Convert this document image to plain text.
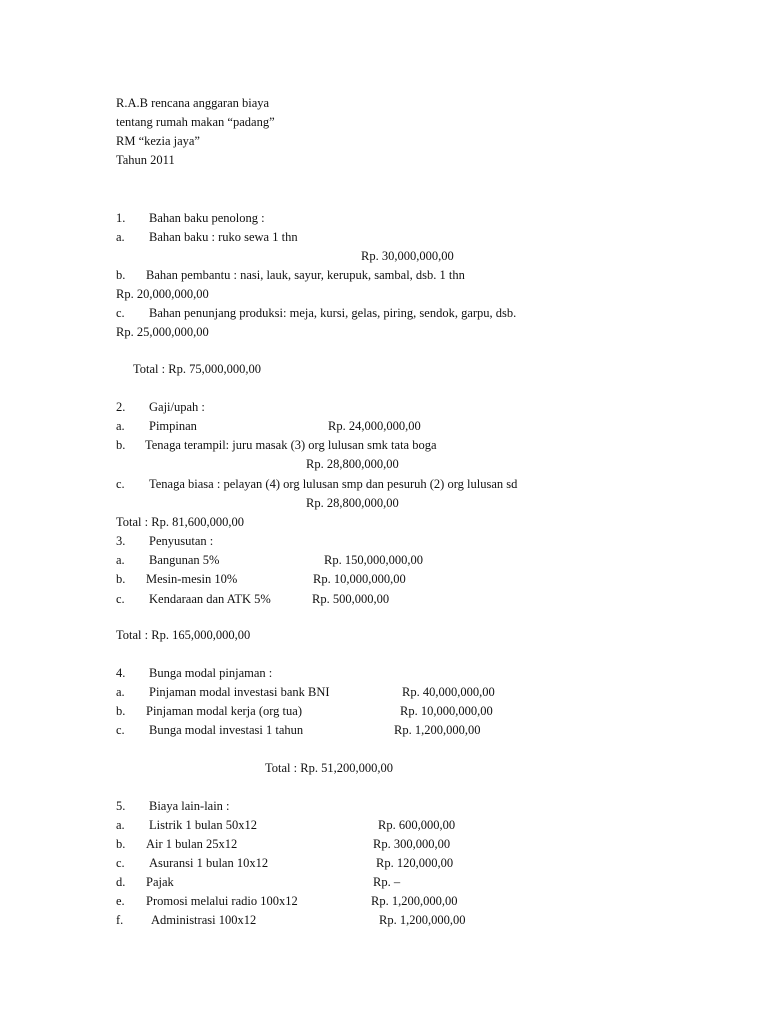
R.A.B rencana anggaran biaya
tentang rumah makan “padang”
RM “kezia jaya”
Tahun 2011
1. Bahan baku penolong :
a. Bahan baku : ruko sewa 1 thn
Rp. 30,000,000,00
b. Bahan pembantu : nasi, lauk, sayur, kerupuk, sambal, dsb. 1 thn
Rp. 20,000,000,00
c. Bahan penunjang produksi: meja, kursi, gelas, piring, sendok, garpu, dsb.
Rp. 25,000,000,00
Total : Rp. 75,000,000,00
2. Gaji/upah :
a. Pimpinan	Rp. 24,000,000,00
b. Tenaga terampil: juru masak (3) org lulusan smk tata boga
Rp. 28,800,000,00
c. Tenaga biasa : pelayan (4) org lulusan smp dan pesuruh (2) org lulusan sd
Rp. 28,800,000,00
Total : Rp. 81,600,000,00
3. Penyusutan :
a. Bangunan 5%	Rp. 150,000,000,00
b. Mesin-mesin 10%	Rp. 10,000,000,00
c. Kendaraan dan ATK 5%	Rp. 500,000,00
Total : Rp. 165,000,000,00
4. Bunga modal pinjaman :
a. Pinjaman modal investasi bank BNI	Rp. 40,000,000,00
b. Pinjaman modal kerja (org tua)	Rp. 10,000,000,00
c. Bunga modal investasi 1 tahun	Rp. 1,200,000,00
Total : Rp. 51,200,000,00
5. Biaya lain-lain :
a. Listrik 1 bulan 50x12	Rp. 600,000,00
b. Air 1 bulan 25x12	Rp. 300,000,00
c. Asuransi 1 bulan 10x12	Rp. 120,000,00
d. Pajak	Rp. –
e. Promosi melalui radio 100x12	Rp. 1,200,000,00
f. Administrasi 100x12	Rp. 1,200,000,00
